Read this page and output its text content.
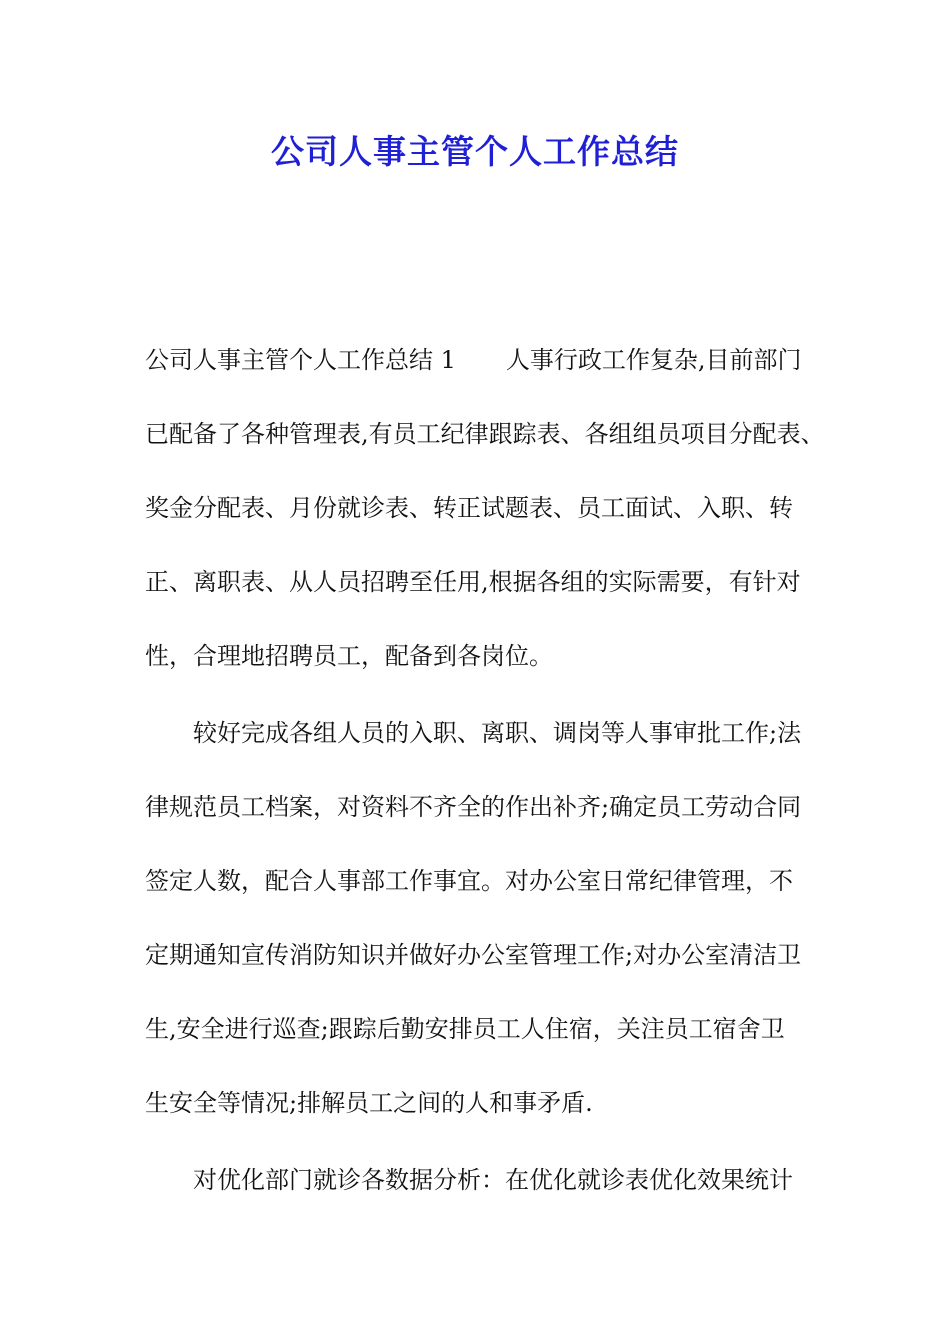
公司人事主管个人工作总结
公司人事主管个人工作总结 1 人事行政工作复杂,目前部门
已配备了各种管理表,有员工纪律跟踪表、各组组员项目分配表、
奖金分配表、月份就诊表、转正试题表、员工面试、入职、转
正、离职表、从人员招聘至任用,根据各组的实际需要，有针对
性，合理地招聘员工，配备到各岗位。
较好完成各组人员的入职、离职、调岗等人事审批工作;法
律规范员工档案，对资料不齐全的作出补齐;确定员工劳动合同
签定人数，配合人事部工作事宜。对办公室日常纪律管理，不
定期通知宣传消防知识并做好办公室管理工作;对办公室清洁卫
生,安全进行巡查;跟踪后勤安排员工人住宿，关注员工宿舍卫
生安全等情况;排解员工之间的人和事矛盾.
对优化部门就诊各数据分析：在优化就诊表优化效果统计
